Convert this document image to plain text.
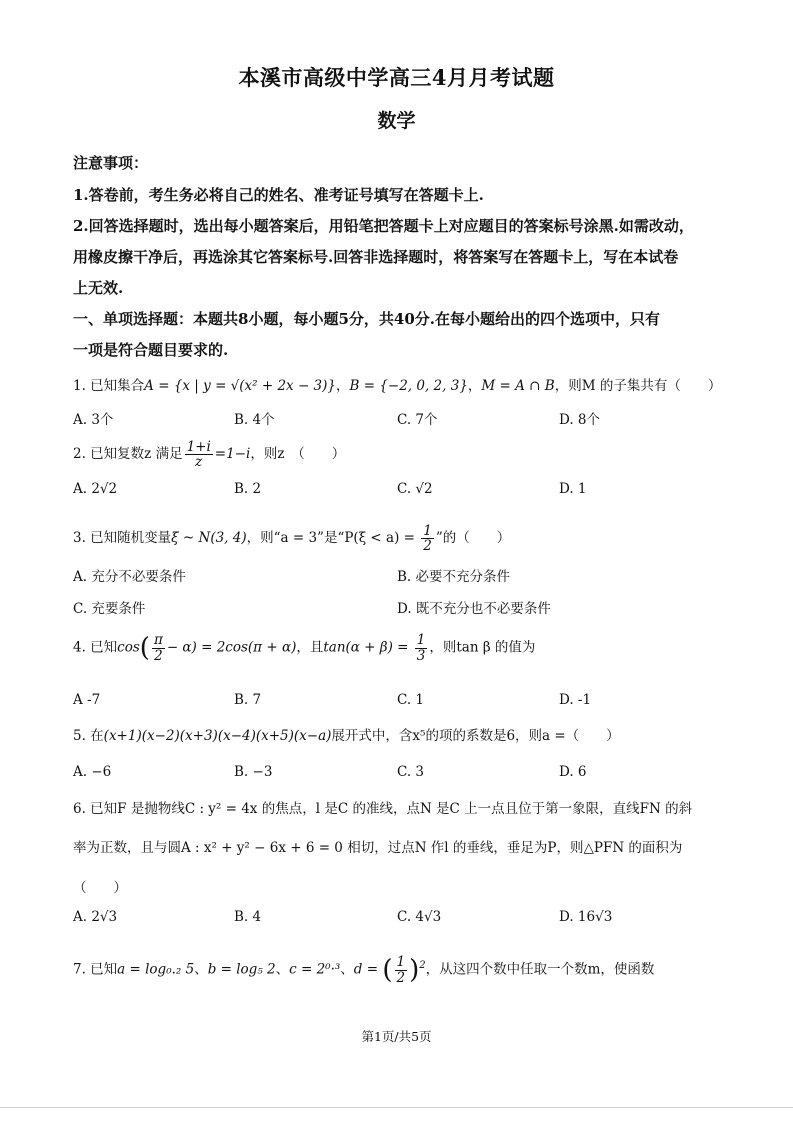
本溪市高级中学高三4月月考试题
数学
注意事项：
1.答卷前，考生务必将自己的姓名、准考证号填写在答题卡上.
2.回答选择题时，选出每小题答案后，用铅笔把答题卡上对应题目的答案标号涂黑.如需改动，
用橡皮擦干净后，再选涂其它答案标号.回答非选择题时，将答案写在答题卡上，写在本试卷
上无效.
一、单项选择题：本题共8小题，每小题5分，共40分.在每小题给出的四个选项中，只有
一项是符合题目要求的.
1. 已知集合A = {x | y = √(x² + 2x − 3)}，B = {−2, 0, 2, 3}，M = A ∩ B，则M 的子集共有（　　）
A. 3个	B. 4个	C. 7个	D. 8个
2. 已知复数z 满足 $\frac{1+i}{z} =1-i$，则z　（　　）
A. 2√2	B. 2	C. √2	D. 1
3. 已知随机变量ξ ~ N(3, 4)，则“a = 3”是“$P(\xi < a) = \frac{1}{2}$ ”的（　　）
A. 充分不必要条件	B. 必要不充分条件
C. 充要条件	D. 既不充分也不必要条件
4. 已知$\cos( \frac{\pi}{2} - \alpha) = 2\cos(\pi + \alpha)$，且$\tan(\alpha + \beta) = \frac{1}{3}$ ，则tan β 的值为
A -7	B. 7	C. 1	D. -1
5. 在(x+1)(x−2)(x+3)(x−4)(x+5)(x−a)展开式中，含x⁵的项的系数是6，则a =（　　）
A. −6	B. −3	C. 3	D. 6
6. 已知F 是抛物线C : y² = 4x 的焦点，l 是C 的准线，点N 是C 上一点且位于第一象限，直线FN 的斜
率为正数，且与圆A : x² + y² − 6x + 6 = 0 相切，过点N 作l 的垂线，垂足为P，则△PFN 的面积为
（　　）
A. 2√3	B. 4	C. 4√3	D. 16√3
7. 已知a = log₀.₂ 5、b = log₅ 2、c = 2⁰·³、d = ( $\frac{1}{2} )^2$，从这四个数中任取一个数m，使函数
第1页/共5页
